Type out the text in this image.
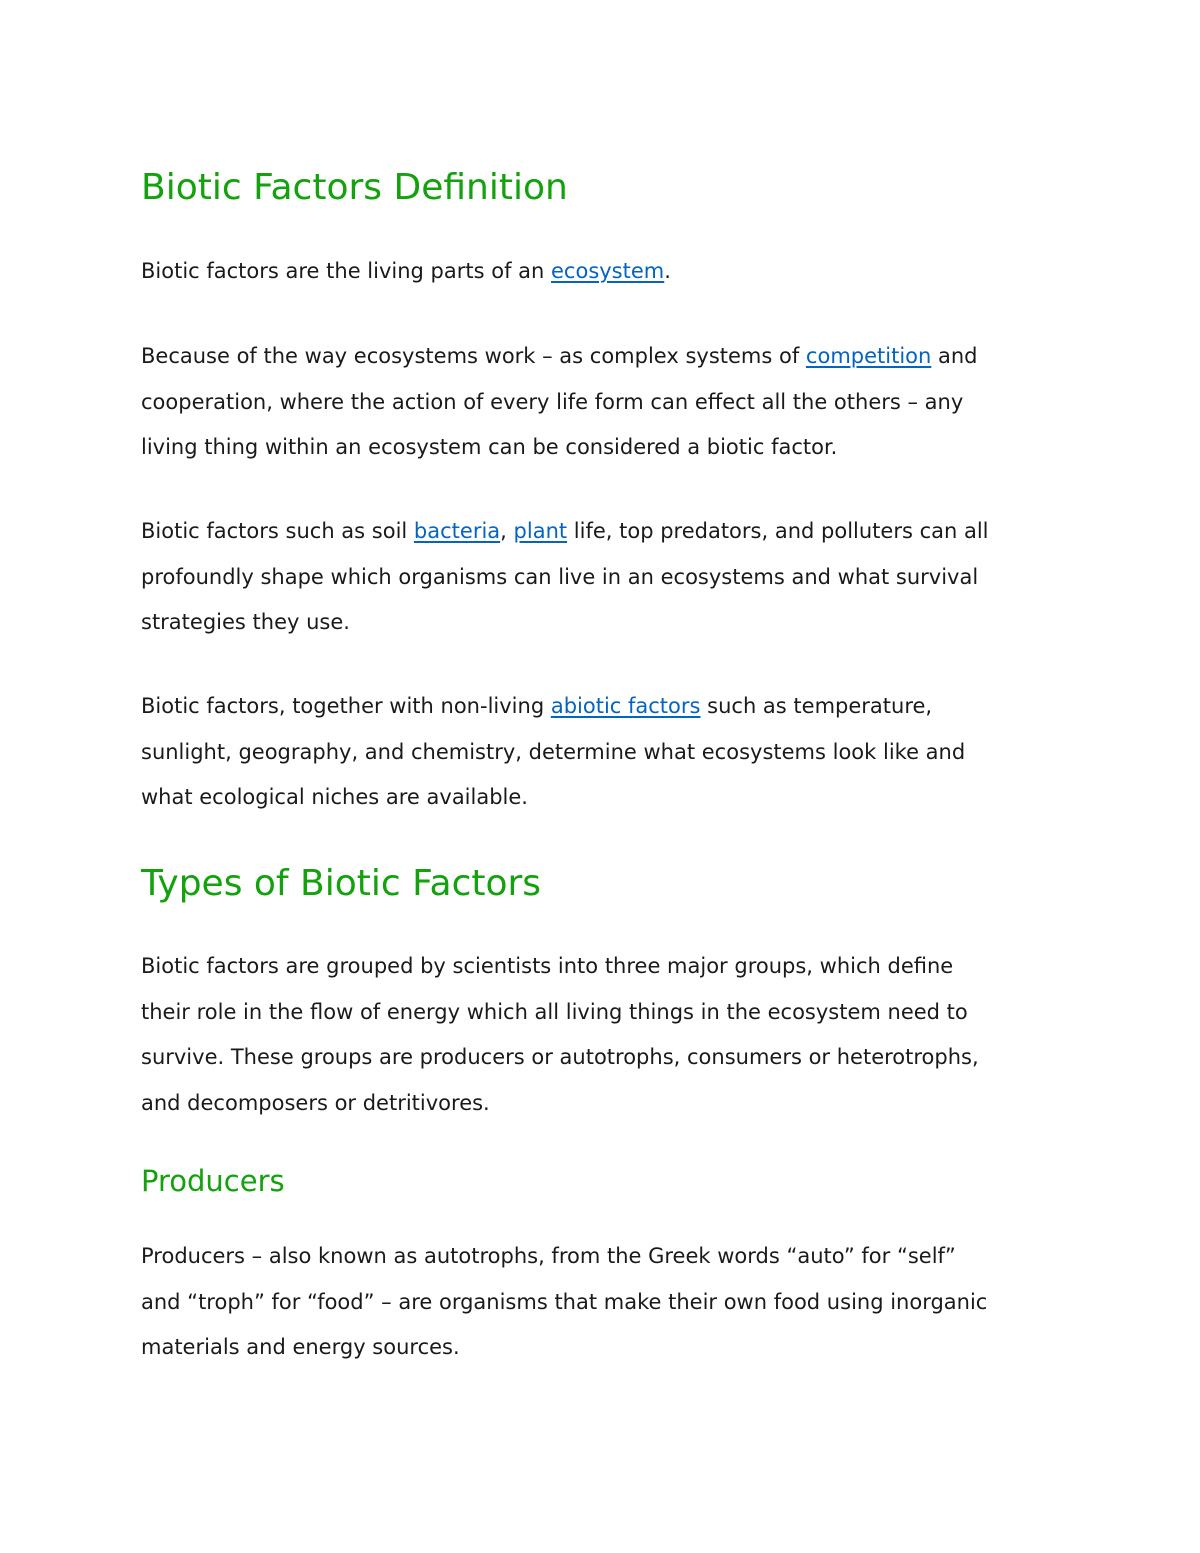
Biotic Factors Definition

Biotic factors are the living parts of an ecosystem.

Because of the way ecosystems work – as complex systems of competition and
cooperation, where the action of every life form can effect all the others – any
living thing within an ecosystem can be considered a biotic factor.

Biotic factors such as soil bacteria, plant life, top predators, and polluters can all
profoundly shape which organisms can live in an ecosystems and what survival
strategies they use.

Biotic factors, together with non-living abiotic factors such as temperature,
sunlight, geography, and chemistry, determine what ecosystems look like and
what ecological niches are available.

Types of Biotic Factors

Biotic factors are grouped by scientists into three major groups, which define
their role in the flow of energy which all living things in the ecosystem need to
survive. These groups are producers or autotrophs, consumers or heterotrophs,
and decomposers or detritivores.

Producers

Producers – also known as autotrophs, from the Greek words “auto” for “self”
and “troph” for “food” – are organisms that make their own food using inorganic
materials and energy sources.
